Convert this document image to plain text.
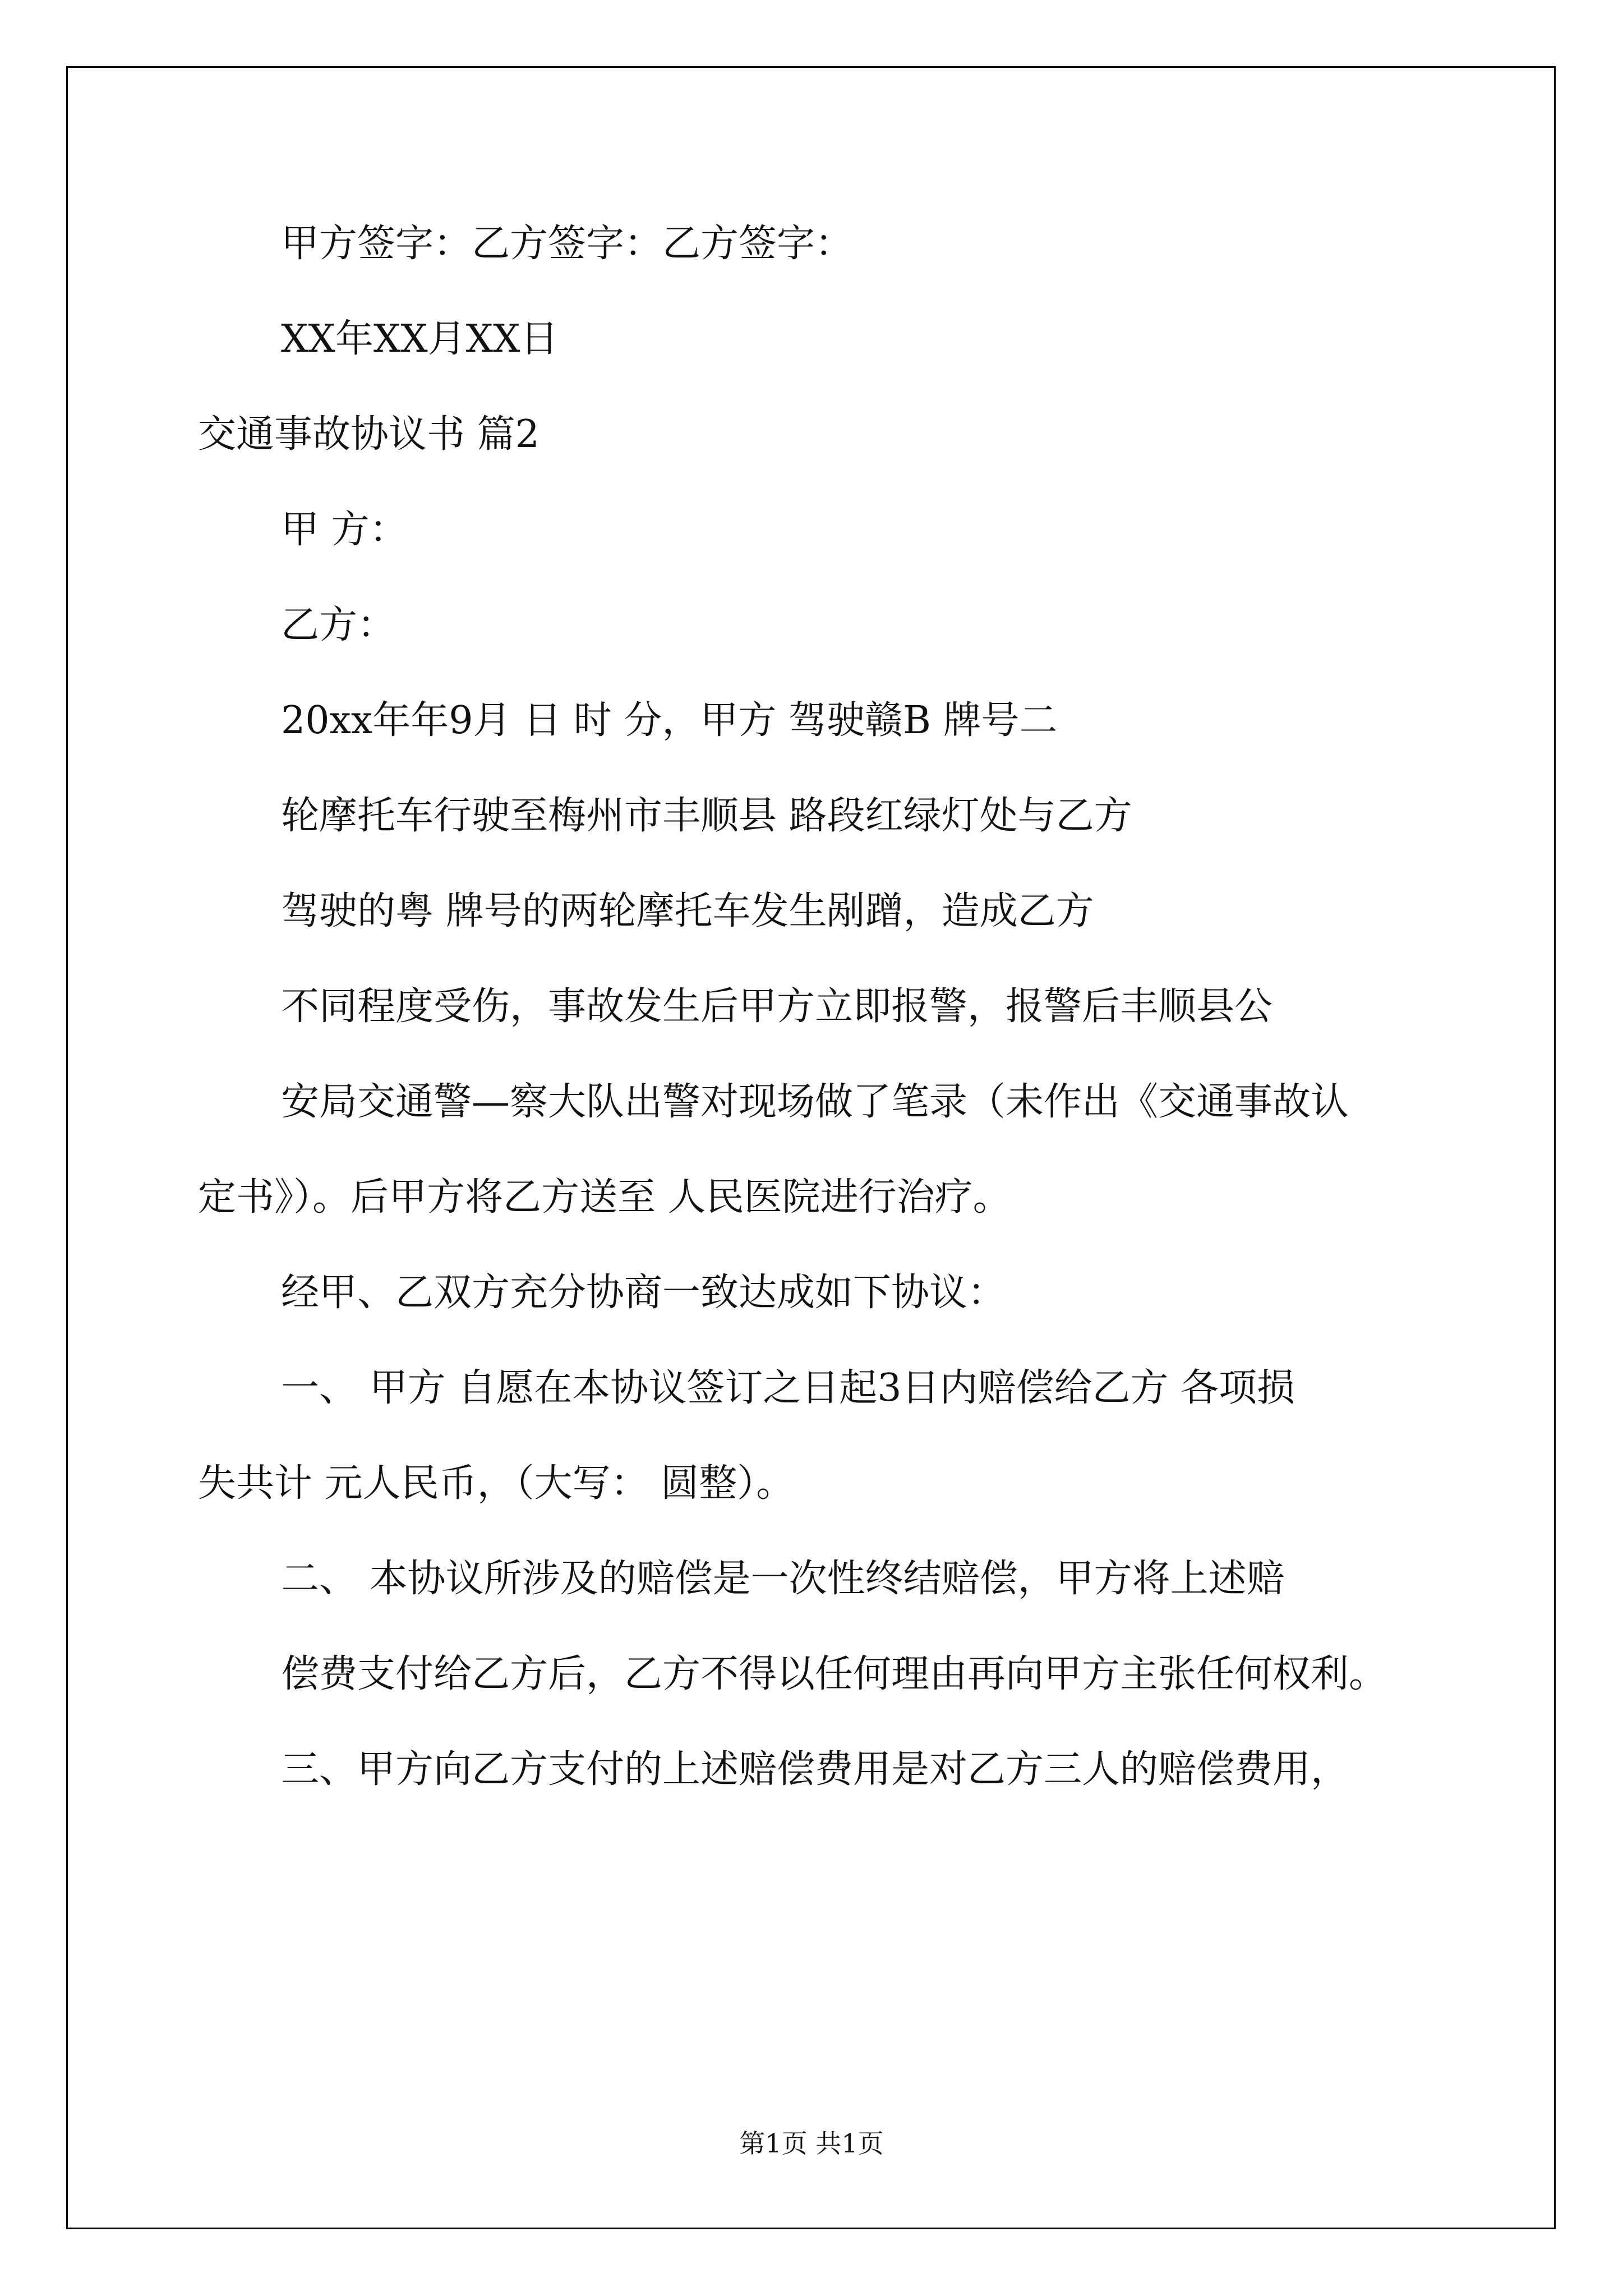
甲方签字：乙方签字：乙方签字：

XX年XX月XX日

交通事故协议书 篇2

甲 方：

乙方：

20xx年年9月 日 时 分，甲方 驾驶赣B 牌号二

轮摩托车行驶至梅州市丰顺县 路段红绿灯处与乙方

驾驶的粤 牌号的两轮摩托车发生剐蹭，造成乙方

不同程度受伤，事故发生后甲方立即报警，报警后丰顺县公

安局交通警—察大队出警对现场做了笔录（未作出《交通事故认

定书》）。后甲方将乙方送至 人民医院进行治疗。

经甲、乙双方充分协商一致达成如下协议：

一、 甲方 自愿在本协议签订之日起3日内赔偿给乙方 各项损

失共计 元人民币，（大写： 圆整）。

二、 本协议所涉及的赔偿是一次性终结赔偿，甲方将上述赔

偿费支付给乙方后，乙方不得以任何理由再向甲方主张任何权利。

三、甲方向乙方支付的上述赔偿费用是对乙方三人的赔偿费用，

第1页 共1页
